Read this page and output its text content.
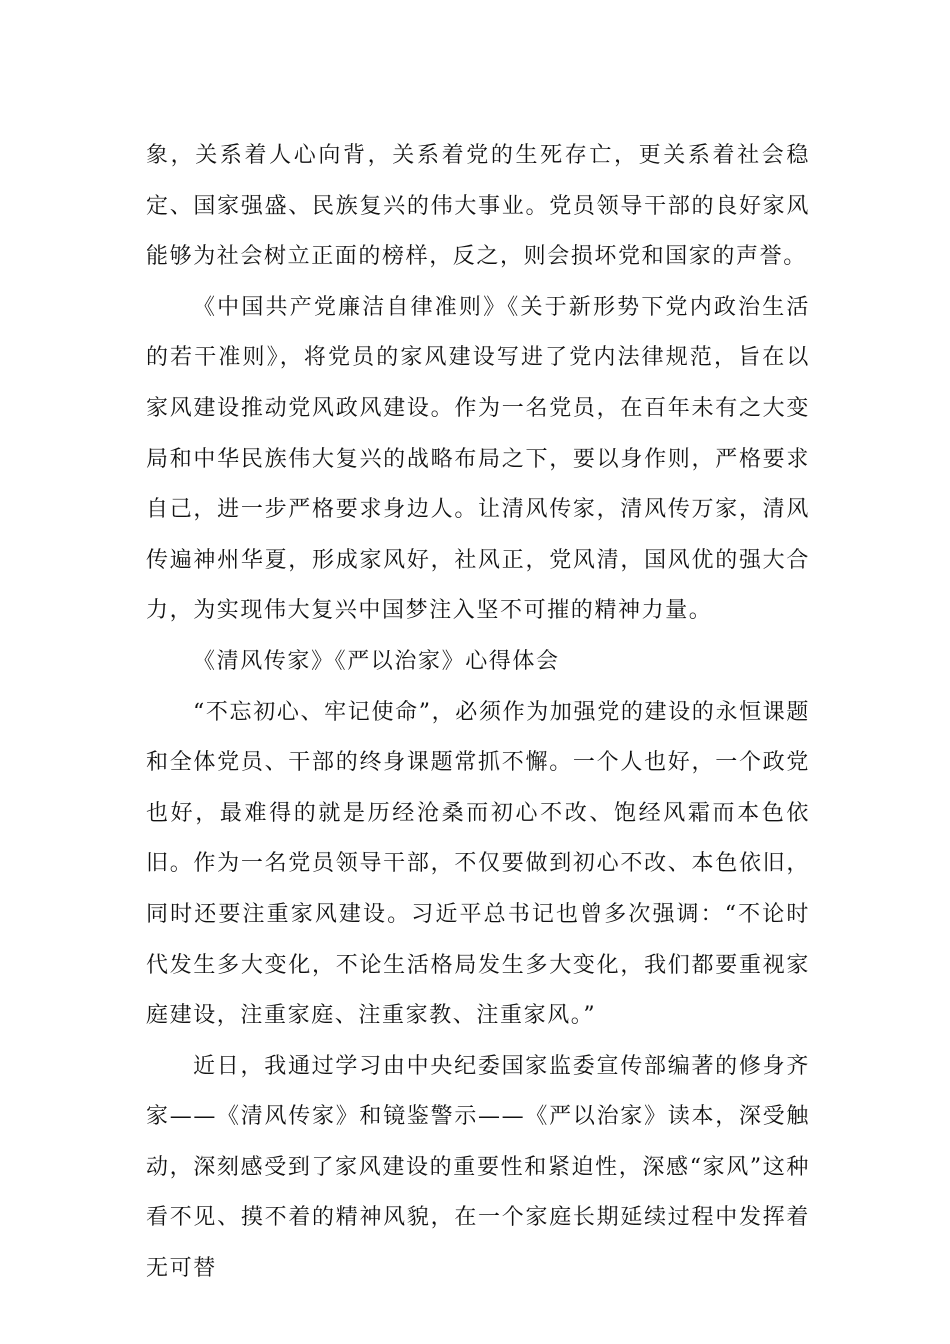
象，关系着人心向背，关系着党的生死存亡，更关系着社会稳定、国家强盛、民族复兴的伟大事业。党员领导干部的良好家风能够为社会树立正面的榜样，反之，则会损坏党和国家的声誉。

《中国共产党廉洁自律准则》《关于新形势下党内政治生活的若干准则》，将党员的家风建设写进了党内法律规范，旨在以家风建设推动党风政风建设。作为一名党员，在百年未有之大变局和中华民族伟大复兴的战略布局之下，要以身作则，严格要求自己，进一步严格要求身边人。让清风传家，清风传万家，清风传遍神州华夏，形成家风好，社风正，党风清，国风优的强大合力，为实现伟大复兴中国梦注入坚不可摧的精神力量。

《清风传家》《严以治家》心得体会

“不忘初心、牢记使命”，必须作为加强党的建设的永恒课题和全体党员、干部的终身课题常抓不懈。一个人也好，一个政党也好，最难得的就是历经沧桑而初心不改、饱经风霜而本色依旧。作为一名党员领导干部，不仅要做到初心不改、本色依旧，同时还要注重家风建设。习近平总书记也曾多次强调：“不论时代发生多大变化，不论生活格局发生多大变化，我们都要重视家庭建设，注重家庭、注重家教、注重家风。”

近日，我通过学习由中央纪委国家监委宣传部编著的修身齐家——《清风传家》和镜鉴警示——《严以治家》读本，深受触动，深刻感受到了家风建设的重要性和紧迫性，深感“家风”这种看不见、摸不着的精神风貌，在一个家庭长期延续过程中发挥着无可替
